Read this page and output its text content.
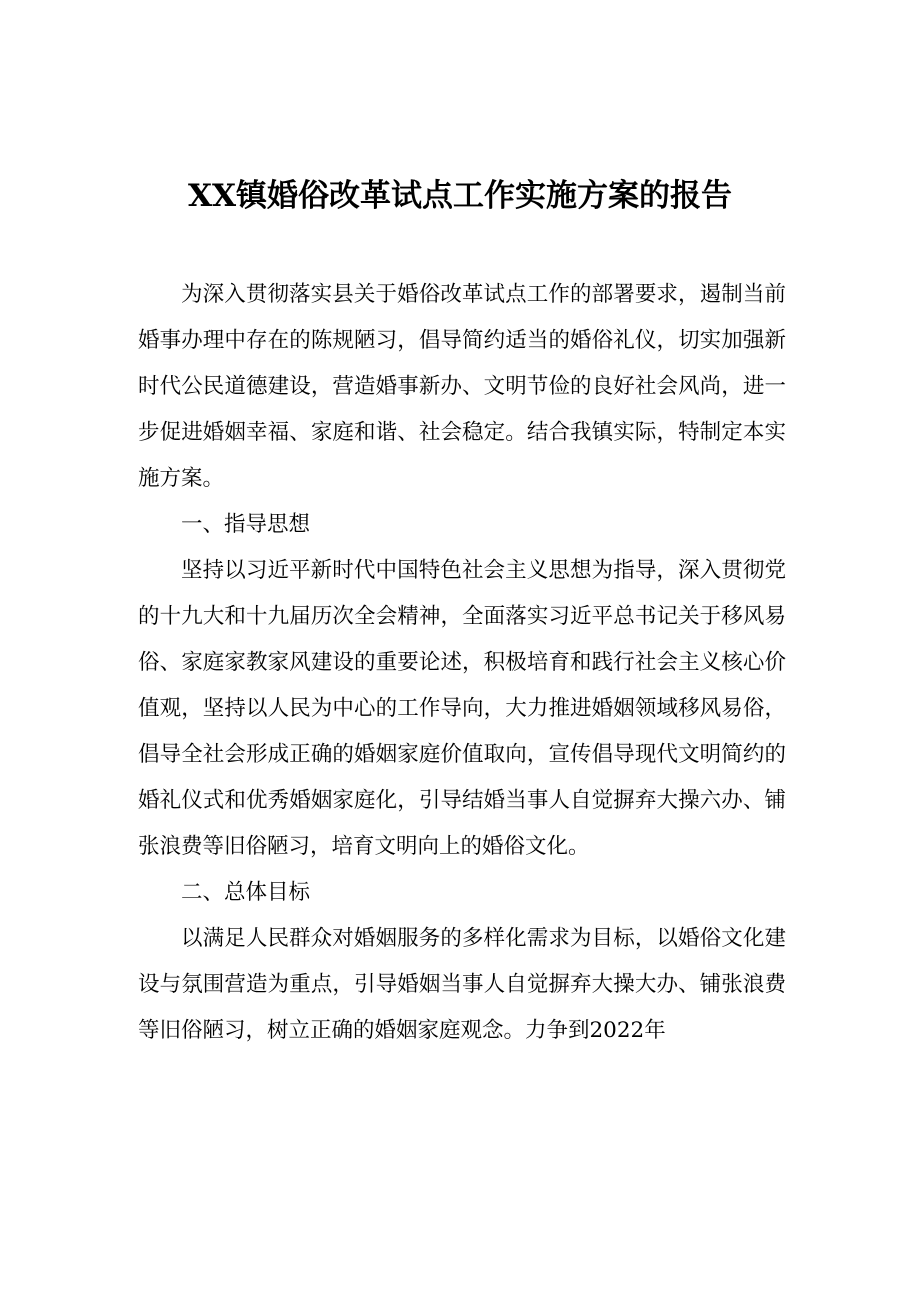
XX镇婚俗改革试点工作实施方案的报告

为深入贯彻落实县关于婚俗改革试点工作的部署要求，遏制当前婚事办理中存在的陈规陋习，倡导简约适当的婚俗礼仪，切实加强新时代公民道德建设，营造婚事新办、文明节俭的良好社会风尚，进一步促进婚姻幸福、家庭和谐、社会稳定。结合我镇实际，特制定本实施方案。

一、指导思想

坚持以习近平新时代中国特色社会主义思想为指导，深入贯彻党的十九大和十九届历次全会精神，全面落实习近平总书记关于移风易俗、家庭家教家风建设的重要论述，积极培育和践行社会主义核心价值观，坚持以人民为中心的工作导向，大力推进婚姻领域移风易俗，倡导全社会形成正确的婚姻家庭价值取向，宣传倡导现代文明简约的婚礼仪式和优秀婚姻家庭化，引导结婚当事人自觉摒弃大操六办、铺张浪费等旧俗陋习，培育文明向上的婚俗文化。

二、总体目标

以满足人民群众对婚姻服务的多样化需求为目标，以婚俗文化建设与氛围营造为重点，引导婚姻当事人自觉摒弃大操大办、铺张浪费等旧俗陋习，树立正确的婚姻家庭观念。力争到2022年
